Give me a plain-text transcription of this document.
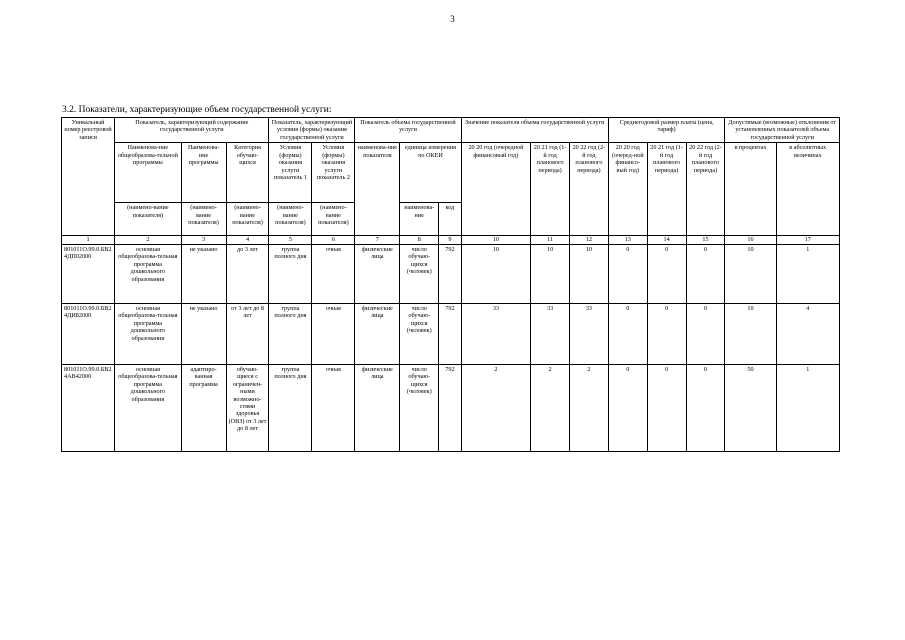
3
3.2. Показатели, характеризующие объем государственной услуги:
Уникальный номер реестровой записи	Показатель, характеризующий содержание государственной услуги			Показатель, характеризующий условия (формы) оказания государственной услуги		Показатель объема государственной услуги			Значение показателя объема государственной услуги			Среднегодовой размер платы (цена, тариф)			Допустимые (возможные) отклонения от установленных показателей объема государственной услуги	
	Наименова-ние общеобразова-тельной программы	Наименова-ние программы	Категория обучаю-щихся	Условия (формы) оказания услуги показатель 1	Условия (формы) оказания услуги показатель 2	наименова-ние показателя	единица измерения по ОКЕИ		20 20 год (очередной финансовый год)	20 21 год (1-й год планового периода)	20 22 год (2-й год планового периода)	20 20 год (очеред-ной финансо-вый год)	20 21 год (1-й год планового периода)	20 22 год (2-й год планового периода)	в процентах	в абсолютных величинах
	(наимено-вание показателя)	(наимено-вание показателя)	(наимено-вание показателя)	(наимено-вание показателя)	(наимено-вание показателя)		наименова-ние	код								
1	2	3	4	5	6	7	8	9	10	11	12	13	14	15	16	17
801011О.99.0.БВ24ДП02000	основная общеобразова-тельная программа дошкольного образования	не указано	до 3 лет	группа полного дня	очная	физические лица	число обучаю-щихся (человек)	792	10	10	10	0	0	0	10	1
801011О.99.0.БВ24ДИ82000	основная общеобразова-тельная программа дошкольного образования	не указано	от 3 лет до 8 лет	группа полного дня	очная	физические лица	число обучаю-щихся (человек)	792	33	33	33	0	0	0	10	4
801011О.99.0.БВ24АВ42000	основная общеобразова-тельная программа дошкольного образования	адаптиро-ванная программа	обучаю-щиеся с ограничен-ными возможно-стями здоровья (ОВЗ) от 3 лет до 8 лет	группа полного дня	очная	физические лица	число обучаю-щихся (человек)	792	2	2	2	0	0	0	50	1
